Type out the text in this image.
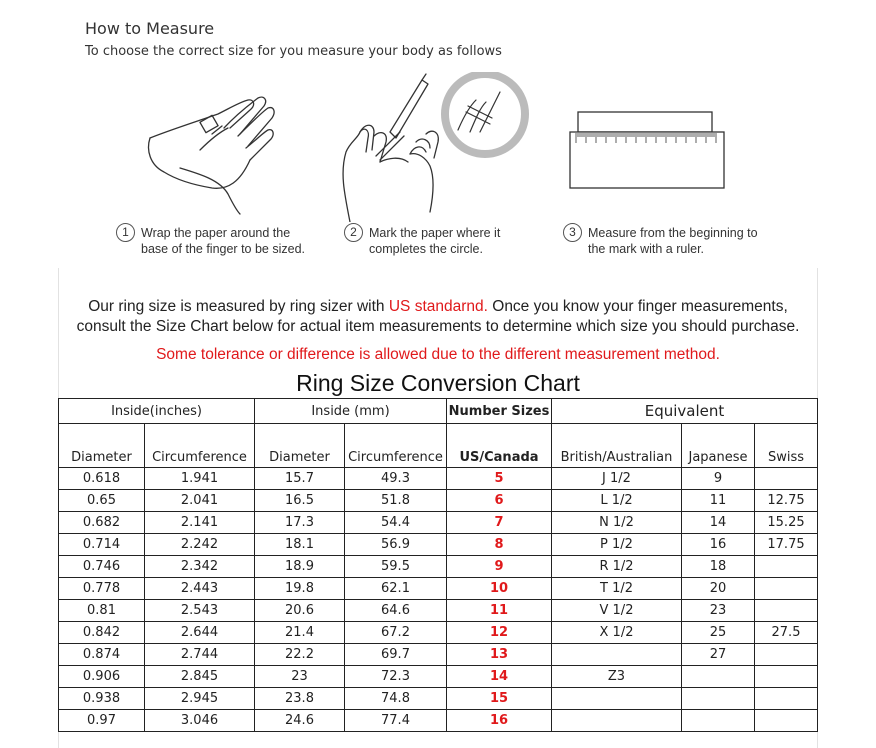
How to Measure
To choose the correct size for you measure your body as follows
1 Wrap the paper around the
base of the finger to be sized.
2 Mark the paper where it
completes the circle.
3 Measure from the beginning to
the mark with a ruler.
Our ring size is measured by ring sizer with US standarnd. Once you know your finger measurements,
consult the Size Chart below for actual item measurements to determine which size you should purchase.
Some tolerance or difference is allowed due to the different measurement method.
Ring Size Conversion Chart
Inside(inches)		Inside (mm)		Number Sizes	Equivalent		
Diameter	Circumference	Diameter	Circumference	US/Canada	British/Australian	Japanese	Swiss
0.618	1.941	15.7	49.3	5	J 1/2	9	
0.65	2.041	16.5	51.8	6	L 1/2	11	12.75
0.682	2.141	17.3	54.4	7	N 1/2	14	15.25
0.714	2.242	18.1	56.9	8	P 1/2	16	17.75
0.746	2.342	18.9	59.5	9	R 1/2	18	
0.778	2.443	19.8	62.1	10	T 1/2	20	
0.81	2.543	20.6	64.6	11	V 1/2	23	
0.842	2.644	21.4	67.2	12	X 1/2	25	27.5
0.874	2.744	22.2	69.7	13		27	
0.906	2.845	23	72.3	14	Z3		
0.938	2.945	23.8	74.8	15			
0.97	3.046	24.6	77.4	16			
